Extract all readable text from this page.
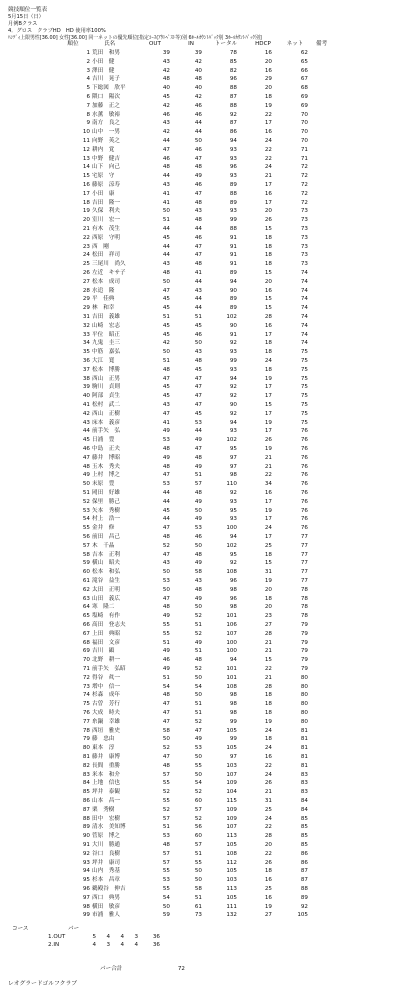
競技順位一覧表
5月15日（日）
月例Bクラス
4．グロス　クラブHD　HD 使用率100%
ﾊﾝﾃﾞｨ上限男性[36.00] 女性[36.00] 同一ネットの優先順位[指定ｺｰｽ(ｱｳﾄﾍﾞｽﾄ等)別 6ﾎｰﾙｶｳﾝﾄﾊﾞｯｸ別 3ﾎｰﾙｶｳﾝﾄﾊﾞｯｸ別]
順位	氏名	OUT	IN	トータル	HDCP	ネット	備考
1 荒田　和男	39	39	78	16	62
2 小田　健	43	42	85	20	65
3 澤田　健	42	40	82	16	66
4 吉川　晃子	48	48	96	29	67
5 下総図　欣平	40	40	88	20	68
6 隈口　陽次	45	42	87	18	69
7 加藤　正之	42	46	88	19	69
8 水薫　敏裕	46	46	92	22	70
9 南方　良之	43	44	87	17	70
10 山中　一男	42	44	86	16	70
11 向野　英之	44	50	94	24	70
12 耕内　覚	47	46	93	22	71
13 中野　健吉	46	47	93	22	71
14 山下　向己	48	48	96	24	72
15 宅原　守	44	49	93	21	72
16 藤原　涼寿	43	46	89	17	72
17 小田　康	41	47	88	16	72
18 吉田　隆一	41	48	89	17	72
19 久保　利夫	50	43	93	20	73
20 室川　宏一	51	48	99	26	73
21 有木　茂生	44	44	88	15	73
22 西原　守明	45	46	91	18	73
23 西　剛	44	47	91	18	73
24 松田　祥司	44	47	91	18	73
25 三尾川　尚久	43	48	91	18	73
26 左近　キサ子	48	41	89	15	74
27 松本　成司	50	44	94	20	74
28 水追　隆	47	43	90	16	74
29 平　佳典	45	44	89	15	74
29 林　和幸	45	44	89	15	74
31 吉田　義雄	51	51	102	28	74
32 山崎　宏志	45	45	90	16	74
33 平位　昭正	45	46	91	17	74
34 九鬼　圭三	42	50	92	18	74
35 中筋　嘉弘	50	43	93	18	75
36 大江　寛	51	48	99	24	75
37 松本　博勝	48	45	93	18	75
38 西山　正男	47	47	94	19	75
39 駒川　貞則	45	47	92	17	75
40 阿部　貞生	45	47	92	17	75
41 松村　武二	43	47	90	15	75
42 西山　正樹	47	45	92	17	75
43 床本　義彦	41	53	94	19	75
44 前手矢　弘	49	44	93	17	76
45 日浦　豊	53	49	102	26	76
46 中島　正夫	48	47	95	19	76
47 藤井　博昭	49	48	97	21	76
48 玉木　秀夫	48	49	97	21	76
49 上村　博之	47	51	98	22	76
50 末原　豊	53	57	110	34	76
51 岡田　好雄	44	48	92	16	76
52 保里　勝己	44	49	93	17	76
53 矢本　秀樹	45	50	95	19	76
54 村上　浩一	44	49	93	17	76
55 金井　修	47	53	100	24	76
56 前田　昌己	48	46	94	17	77
57 木　千晶	52	50	102	25	77
58 吉本　正利	47	48	95	18	77
59 横山　昭夫	43	49	92	15	77
60 松本　和弘	50	58	108	31	77
61 滝谷　益生	53	43	96	19	77
62 太田　正明	50	48	98	20	78
63 山田　義広	47	49	96	18	78
64 寒　隆二	48	50	98	20	78
65 塩崎　有作	49	52	101	23	78
66 高田　登志夫	55	51	106	27	79
67 上田　典昭	55	52	107	28	79
68 福田　文彦	51	49	100	21	79
69 吉川　顕	49	51	100	21	79
70 北野　耕一	46	48	94	15	79
71 前手矢　弘昭	49	52	101	22	79
72 得谷　眞一	51	50	101	21	80
73 増中　信一	54	54	108	28	80
74 杉森　成年	48	50	98	18	80
75 古曽　芳行	47	51	98	18	80
76 大成　時夫	47	51	98	18	80
77 糸鍋　幸雄	47	52	99	19	80
78 西垣　雅史	58	47	105	24	81
79 藤　忠由	50	49	99	18	81
80 東本　淳	52	53	105	24	81
81 藤井　康博	47	50	97	16	81
82 長間　重勝	48	55	103	22	81
83 米本　和介	57	50	107	24	83
84 上地　信也	55	54	109	26	83
85 坪井　泰観	52	52	104	21	83
86 山本　昌一	55	60	115	31	84
87 栗　秀樹	52	57	109	25	84
88 田中　宏樹	57	52	109	24	85
89 清水　美知博	51	56	107	22	85
90 菅原　博之	53	60	113	28	85
91 大川　勝通	48	57	105	20	85
92 谷口　良樹	57	51	108	22	86
93 坪井　康司	57	55	112	26	86
94 山内　秀基	55	50	105	18	87
95 杉本　昌章	53	50	103	16	87
96 鵜殿谷　伸吉	55	58	113	25	88
97 西口　典男	54	51	105	16	89
98 横田　敏彦	50	61	111	19	92
99 市浦　雅人	59	73	132	27	105
コース	パー
1.OUT	5	4	4	3	36
2.IN	4	3	4	4	36
パー合計	72
レオグラードゴルフクラブ
